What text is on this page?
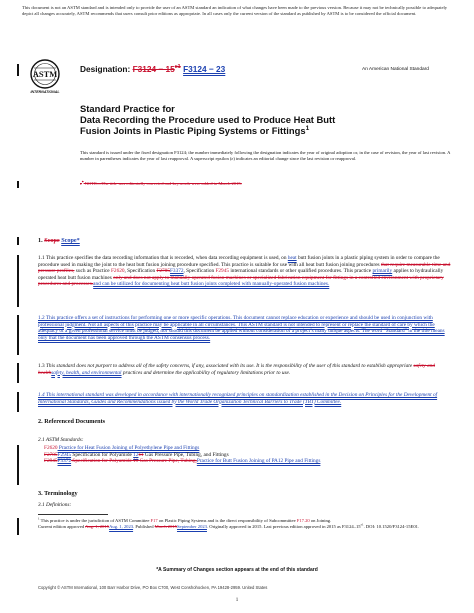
This document is not an ASTM standard and is intended only to provide the user of an ASTM standard an indication of what changes have been made to the previous version. Because it may not be technically possible to adequately depict all changes accurately, ASTM recommends that users consult prior editions as appropriate. In all cases only the current version of the standard as published by ASTM is to be considered the official document.
ASTM
INTERNATIONAL
Designation: $F3124 - 15^{\varepsilon 1}$ F3124 − 23	An American National Standard
Standard Practice for
Data Recording the Procedure used to Produce Heat Butt
Fusion Joints in Plastic Piping Systems or Fittings$^1$
This standard is issued under the fixed designation F3124; the number immediately following the designation indicates the year of original adoption or, in the case of revision, the year of last revision. A number in parentheses indicates the year of last reapproval. A superscript epsilon (ε) indicates an editorial change since the last revision or reapproval.
$\varepsilon^1$ NOTE—The title was editorially corrected and keywords were added in March 2015.
1. Scope Scope*
1.1 This practice specifies the data recording information that is recorded, when data recording equipment is used, on heat butt fusion joints in a plastic piping system in order to compare the procedure used in making the joint to the heat butt fusion joining procedure specified. This practice is suitable for use with all heat butt fusion joining procedures that require measurable time and pressure profiles, such as Practice F2620, Specification F2785F3372, Specification F2945 international standards or other qualified procedures. This practice primarily applies to hydraulically operated heat butt fusion machines only and does not apply to manually operated fusion machines or specialized fabrication equipment for fittings in a controlled environment with proprietary procedures and processes.and can be utilized for documenting heat butt fusion joints completed with manually-operated fusion machines.
1.2 This practice offers a set of instructions for performing one or more specific operations. This document cannot replace education or experience and should be used in conjunction with professional judgment. Not all aspects of this practice may be applicable in all circumstances. This ASTM standard is not intended to represent or replace the standard of care by which the adequacy of a given professional service must be judged, nor should this document be applied without consideration of a project’s many unique aspects. The word “Standard” in the title means only that the document has been approved through the ASTM consensus process.
1.3 This standard does not purport to address all of the safety concerns, if any, associated with its use. It is the responsibility of the user of this standard to establish appropriate safety and healthsafety, health, and environmental practices and determine the applicability of regulatory limitations prior to use.
1.4 This international standard was developed in accordance with internationally recognized principles on standardization established in the Decision on Principles for the Development of International Standards, Guides and Recommendations issued by the World Trade Organization Technical Barriers to Trade (TBT) Committee.
2. Referenced Documents
2.1 ASTM Standards:
F2620 Practice for Heat Fusion Joining of Polyethylene Pipe and Fittings
F2785F2945 Specification for Polyamide 1211 Gas Pressure Pipe, Tubing, and Fittings
F2945F3372 Specification for Polyamide 11 Gas Pressure Pipe, Tubing,Practice for Butt Fusion Joining of PA12 Pipe and Fittings
3. Terminology
3.1 Definitions:
$^1$ This practice is under the jurisdiction of ASTM Committee F17 on Plastic Piping Systems and is the direct responsibility of Subcommittee F17.20 on Joining.
Current edition approved Aug. 1, 2015Aug. 1, 2023. Published March 2015September 2023. Originally approved in 2015. Last previous edition approved in 2015 as $F3124-15^{\varepsilon 1}$. DOI: 10.1520/F3124-15E01.
*A Summary of Changes section appears at the end of this standard
Copyright © ASTM International, 100 Barr Harbor Drive, PO Box C700, West Conshohocken, PA 19428-2959. United States
1
